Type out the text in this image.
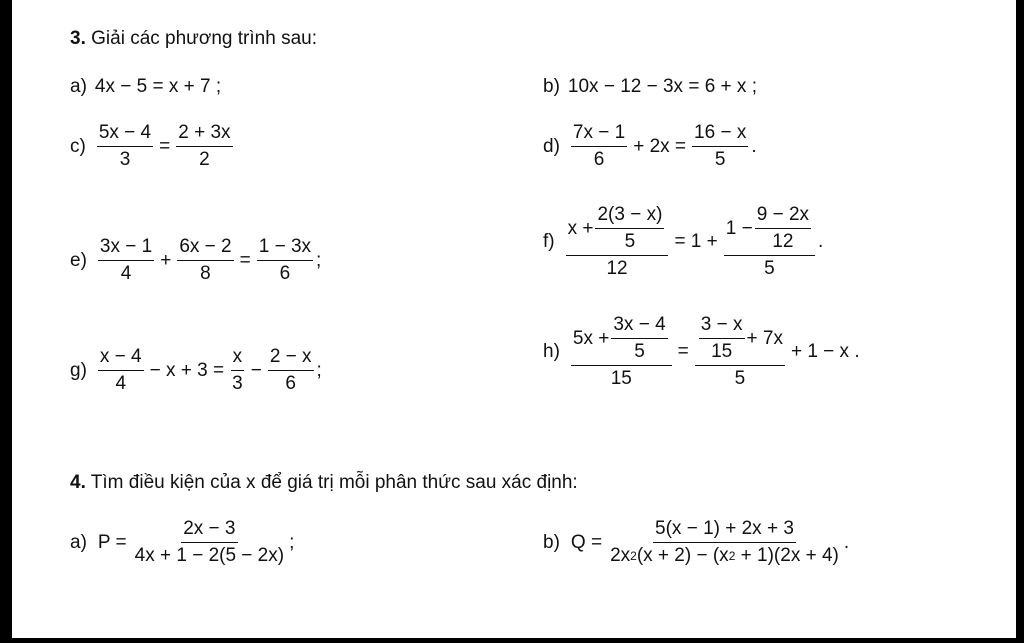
3. Giải các phương trình sau:
a) 4x − 5 = x + 7 ;	b) 10x − 12 − 3x = 6 + x ;
$c) \frac{5x - 4}{3} = \frac{2 + 3x}{2}$	$d) \frac{7x - 1}{6} + 2x = \frac{16 - x}{5}$ .
$e) \frac{3x - 1}{4} + \frac{6x - 2}{8} = \frac{1 - 3x}{6}$ ;
$f) \frac{x + \frac{2(3 - x)}{5}}{12} = 1 + \frac{1 - \frac{9 - 2x}{12}}{5}$ .
$g) \frac{x - 4}{4} - x + 3 = \frac{x}{3} - \frac{2 - x}{6}$ ;
$h) \frac{5x + \frac{3x - 4}{5}}{15} = \frac{\frac{3 - x}{15} + 7x}{5} + 1 - x$ .
4. Tìm điều kiện của x để giá trị mỗi phân thức sau xác định:
a) $P = \frac{2x - 3}{4x + 1 - 2(5 - 2x)}$ ;	b) $Q = \frac{5(x - 1) + 2x + 3}{2x 2 (x + 2) - (x 2 + 1)(2x + 4)}$ .
